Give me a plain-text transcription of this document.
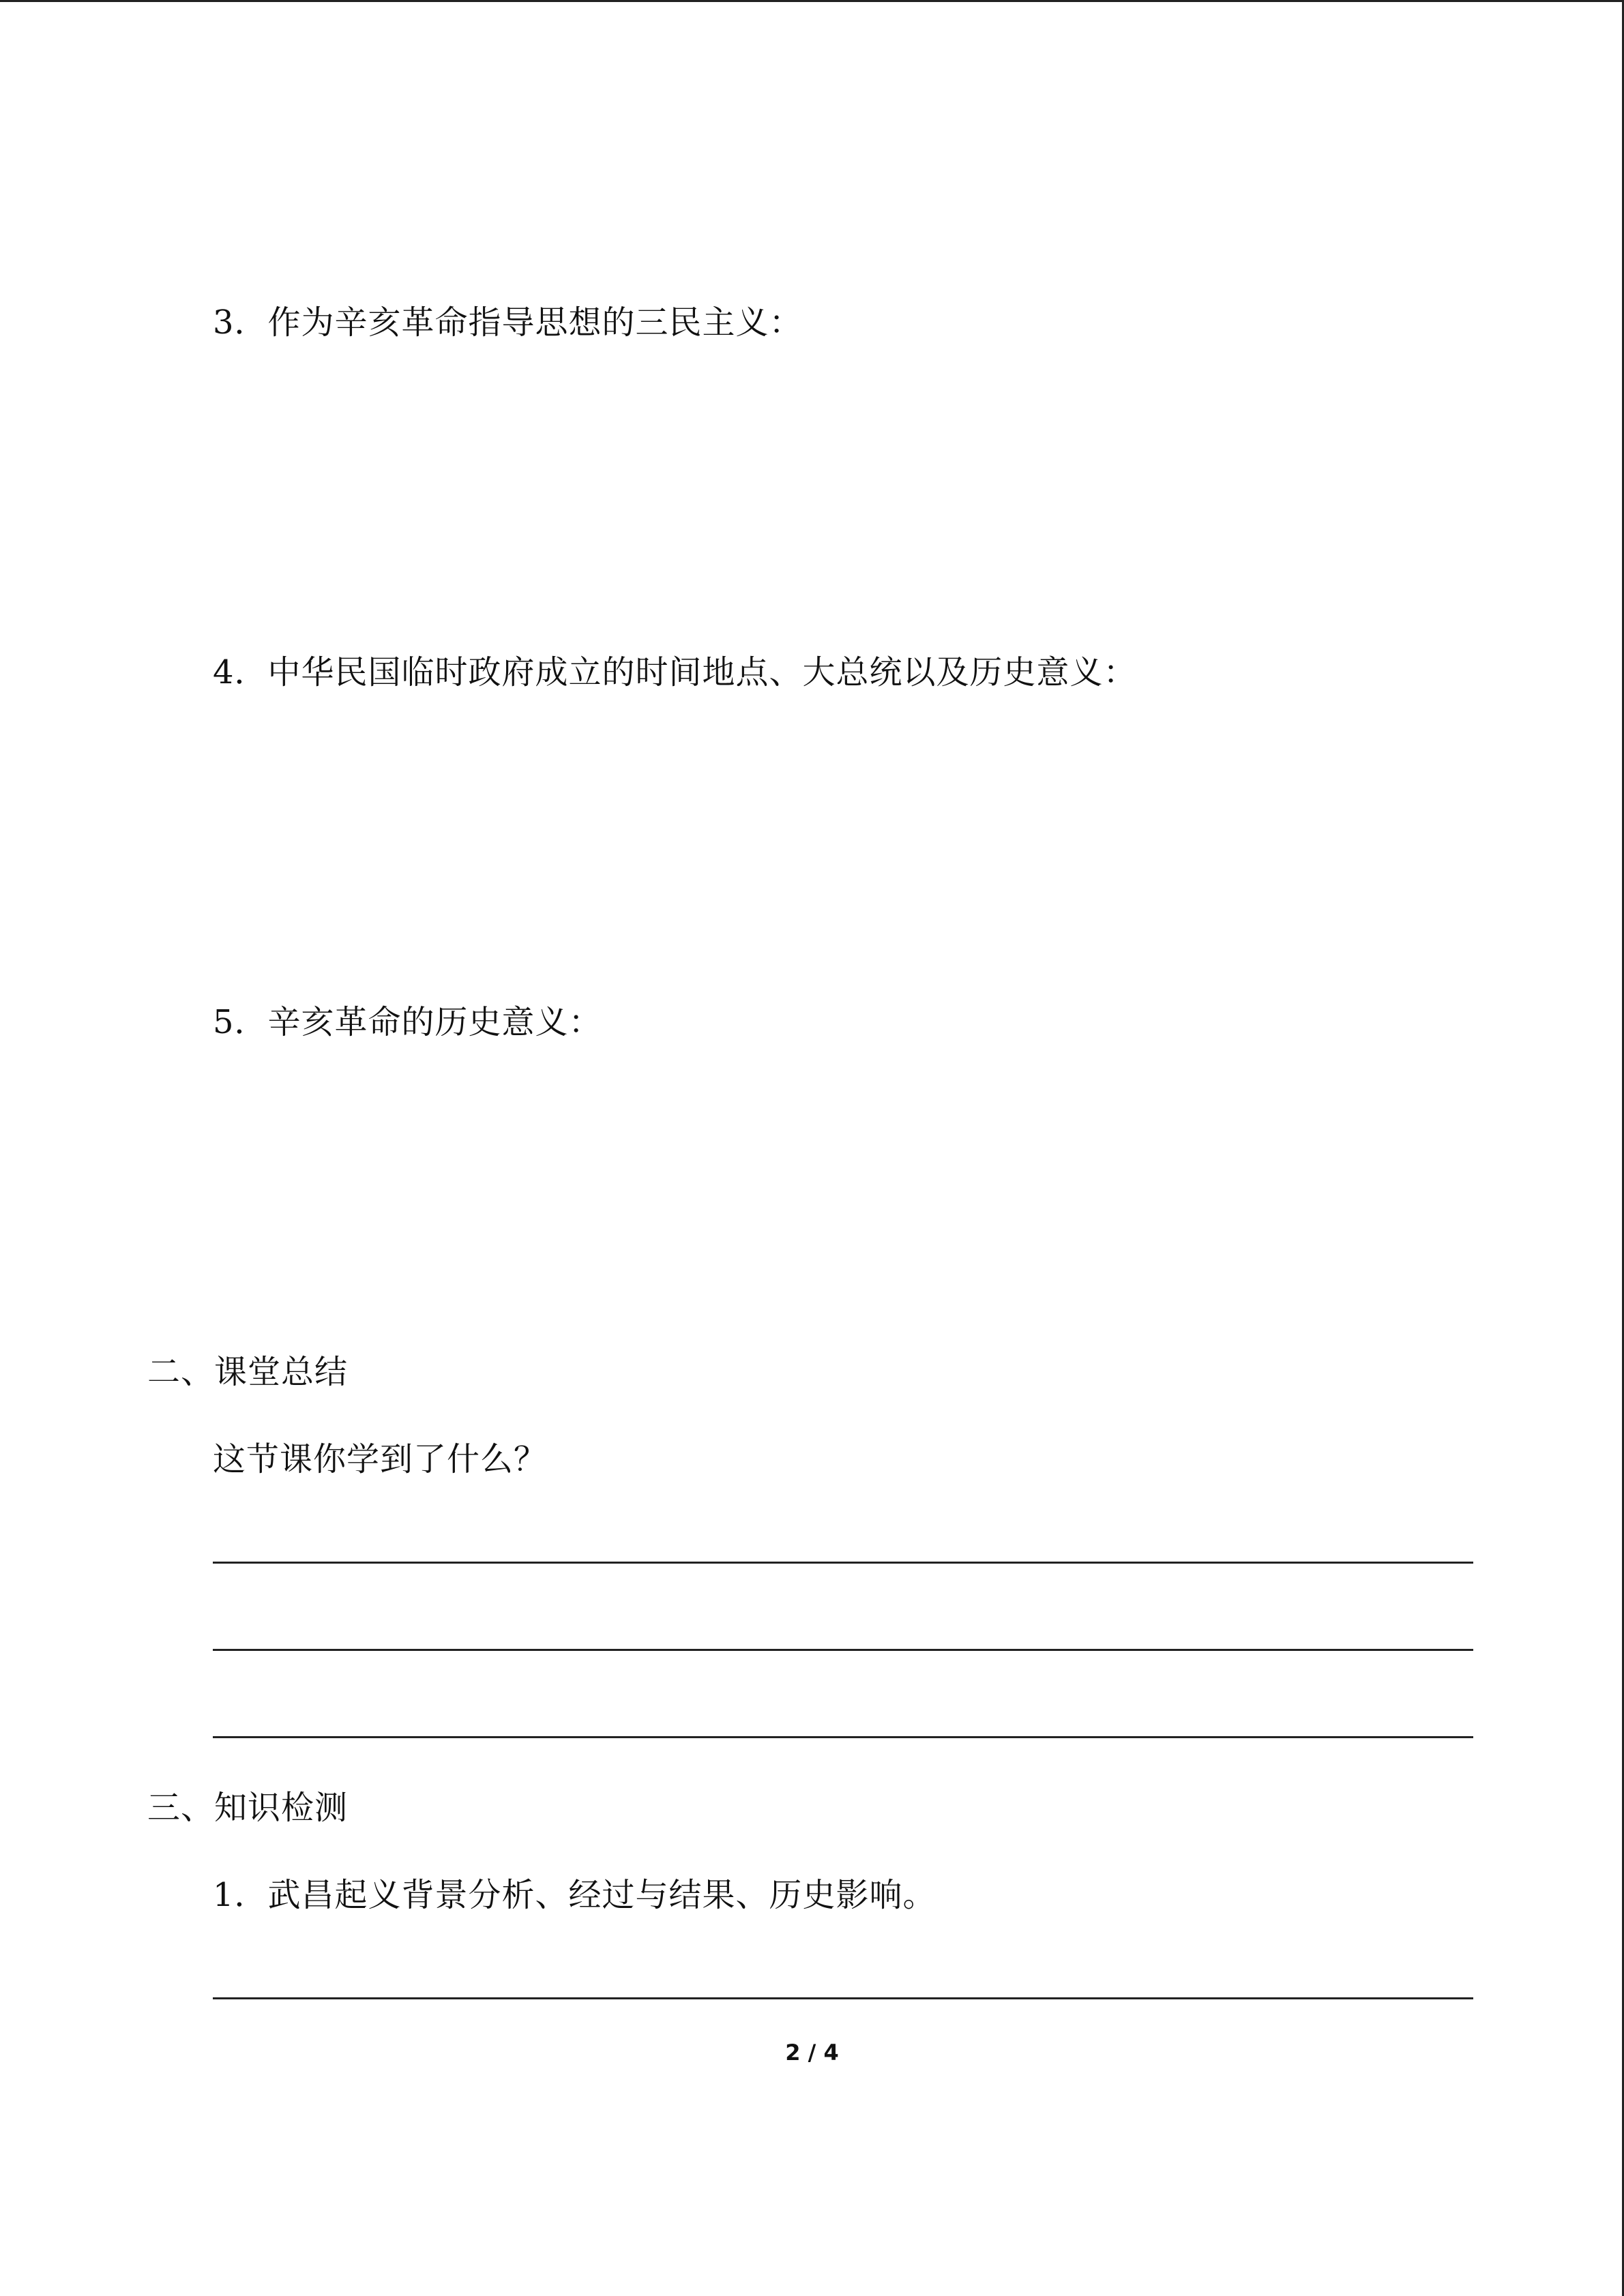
3．作为辛亥革命指导思想的三民主义：
4．中华民国临时政府成立的时间地点、大总统以及历史意义：
5．辛亥革命的历史意义：
二、课堂总结
这节课你学到了什么？
三、知识检测
1．武昌起义背景分析、经过与结果、历史影响。
2 / 4
